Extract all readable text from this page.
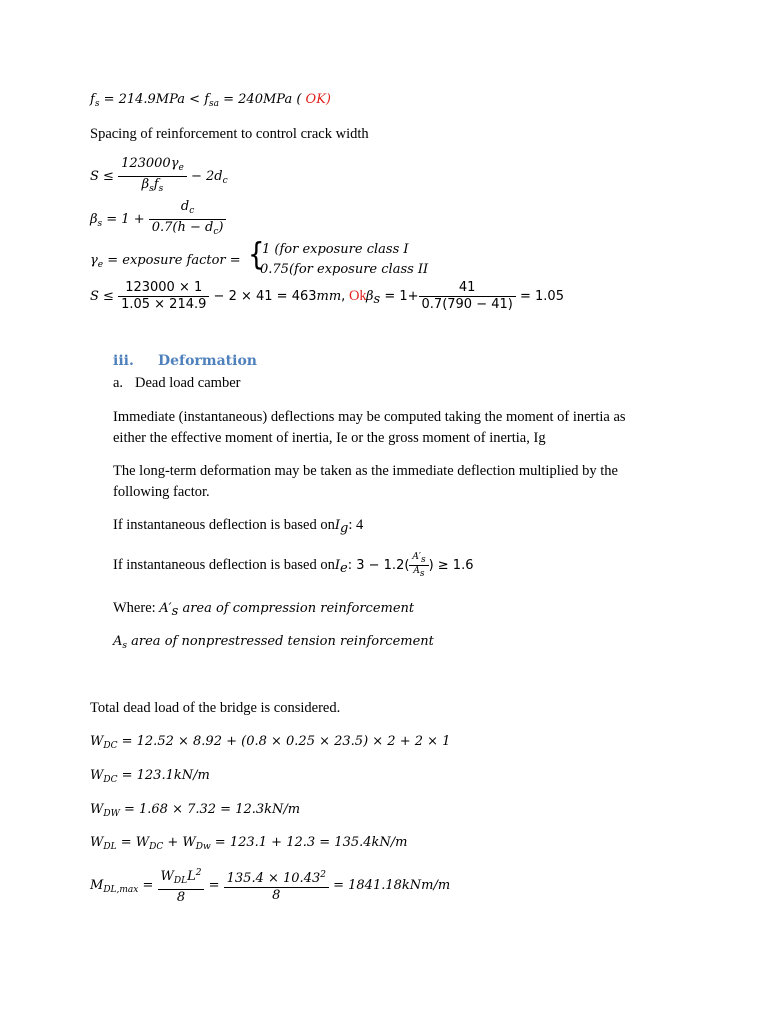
$f_s = 214.9MPa < f_{sa} = 240MPa$ ( OK)
Spacing of reinforcement to control crack width
$S \le \frac{123000\gamma_e}{\beta_sf_s} - 2d_c$
$\beta_s = 1 + \frac{d_c}{0.7(h - d_c)}$
$\gamma_e$ = exposure factor = {
1 (for exposure class I
0.75(for exposure class II
$S \le \frac{123000 \times 1}{1.05 \times 214.9} - 2 \times 41 = 463mm$, Ok $\beta_s = 1+ \frac{41}{0.7(790 - 41)} = 1.05$
iii. Deformation
a. Dead load camber
Immediate (instantaneous) deflections may be computed taking the moment of inertia as
either the effective moment of inertia, Ie or the gross moment of inertia, Ig
The long-term deformation may be taken as the immediate deflection multiplied by the
following factor.
If instantaneous deflection is based onI$_g$: 4
If instantaneous deflection is based onI$_e$: $3 - 1.2( \frac{A'_s}{A_s}$ ) ≥ 1.6
Where: $A'_s$ area of compression reinforcement
$A_s$ area of nonprestressed tension reinforcement
Total dead load of the bridge is considered.
$W_{DC} = 12.52 \times 8.92 + (0.8 \times 0.25 \times 23.5) \times 2 + 2 \times 1$
$W_{DC} = 123.1kN/m$
$W_{DW} = 1.68 \times 7.32 = 12.3kN/m$
$W_{DL} = W_{DC} + W_{Dw} = 123.1 + 12.3 = 135.4kN/m$
$M_{DL,max} = \frac{W_{DL}L^2}{8} = \frac{135.4 \times 10.43^2}{8} = 1841.18kNm/m$
